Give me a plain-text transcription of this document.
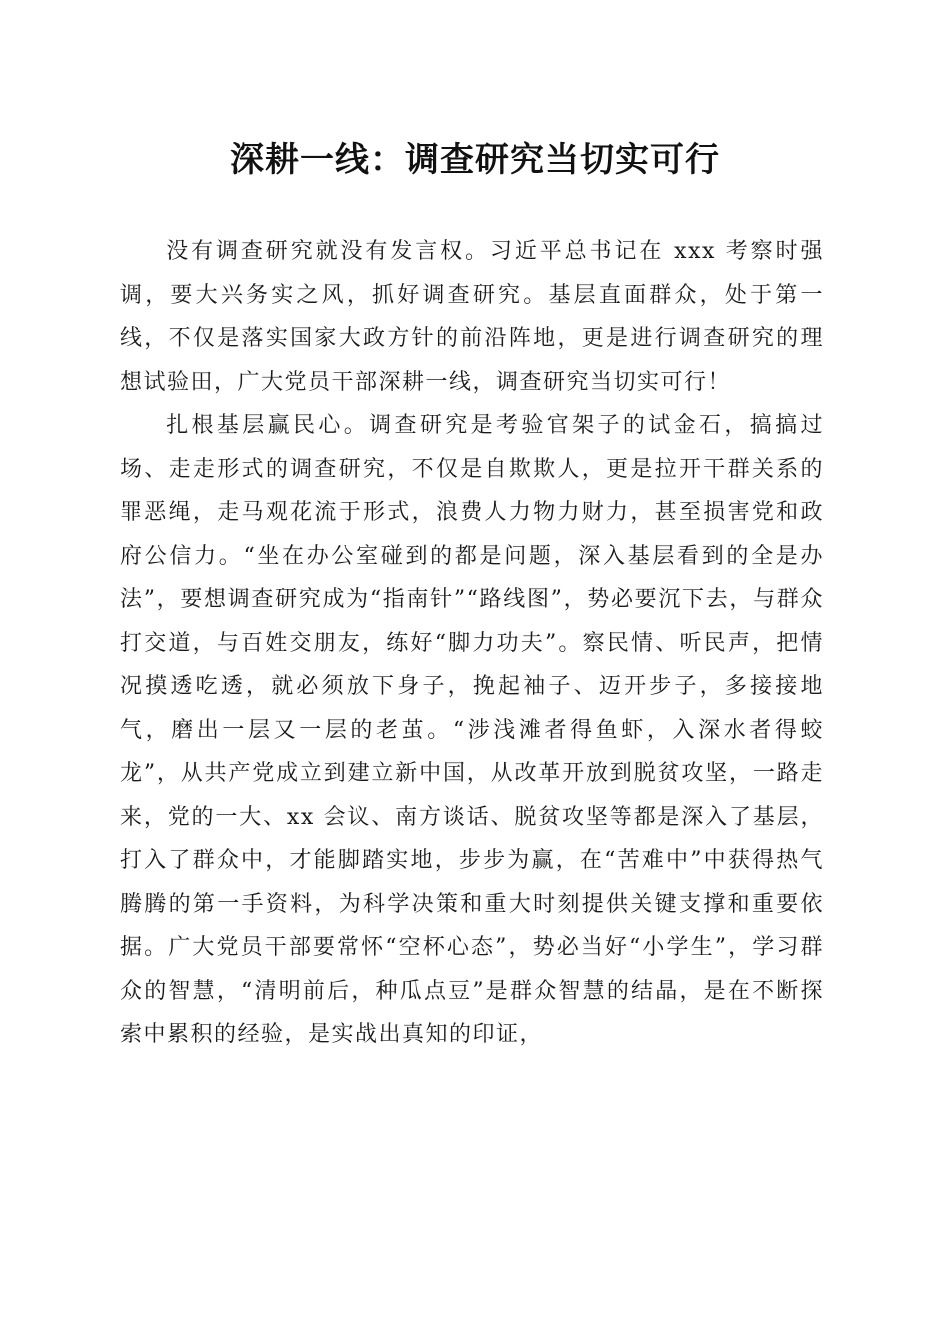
深耕一线：调查研究当切实可行

没有调查研究就没有发言权。习近平总书记在 xxx 考察时强调，要大兴务实之风，抓好调查研究。基层直面群众，处于第一线，不仅是落实国家大政方针的前沿阵地，更是进行调查研究的理想试验田，广大党员干部深耕一线，调查研究当切实可行！

扎根基层赢民心。调查研究是考验官架子的试金石，搞搞过场、走走形式的调查研究，不仅是自欺欺人，更是拉开干群关系的罪恶绳，走马观花流于形式，浪费人力物力财力，甚至损害党和政府公信力。“坐在办公室碰到的都是问题，深入基层看到的全是办法”，要想调查研究成为“指南针”“路线图”，势必要沉下去，与群众打交道，与百姓交朋友，练好“脚力功夫”。察民情、听民声，把情况摸透吃透，就必须放下身子，挽起袖子、迈开步子，多接接地气，磨出一层又一层的老茧。“涉浅滩者得鱼虾，入深水者得蛟龙”，从共产党成立到建立新中国，从改革开放到脱贫攻坚，一路走来，党的一大、xx 会议、南方谈话、脱贫攻坚等都是深入了基层，打入了群众中，才能脚踏实地，步步为赢，在“苦难中”中获得热气腾腾的第一手资料，为科学决策和重大时刻提供关键支撑和重要依据。广大党员干部要常怀“空杯心态”，势必当好“小学生”，学习群众的智慧，“清明前后，种瓜点豆”是群众智慧的结晶，是在不断探索中累积的经验，是实战出真知的印证，
